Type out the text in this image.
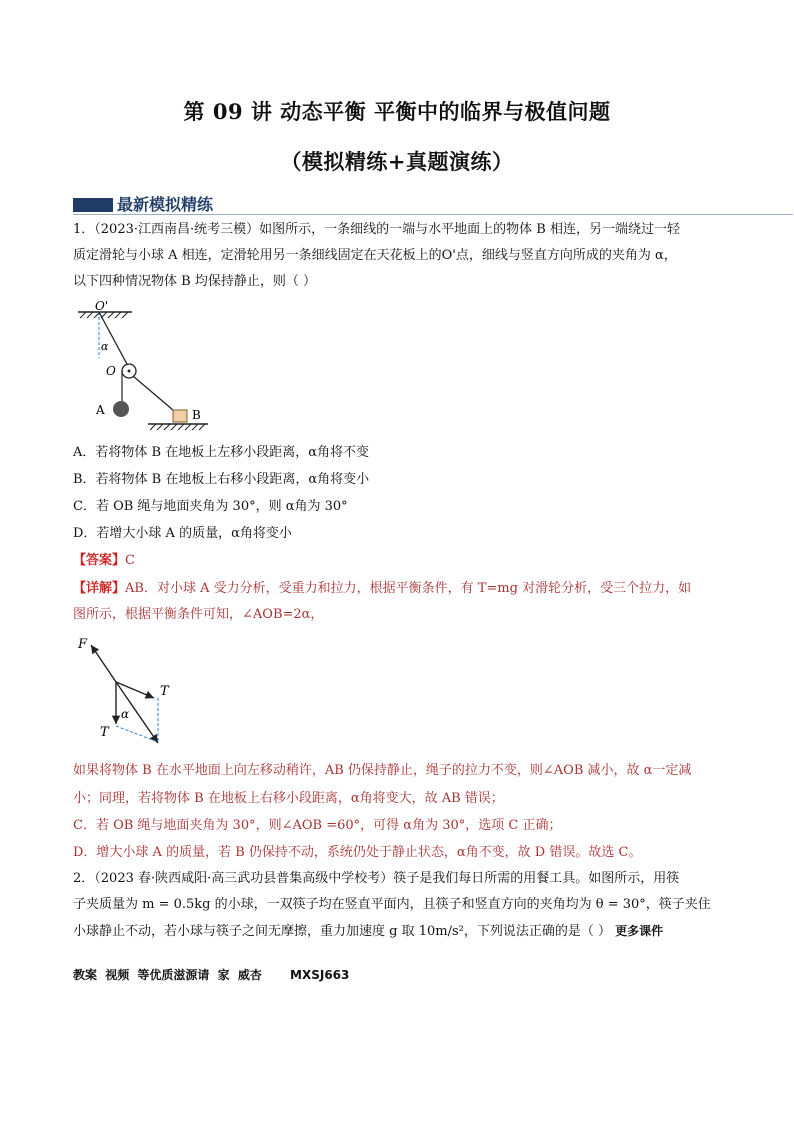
第 09 讲 动态平衡 平衡中的临界与极值问题
（模拟精练+真题演练）
最新模拟精练
1．（2023·江西南昌·统考三模）如图所示，一条细线的一端与水平地面上的物体 B 相连，另一端绕过一轻
质定滑轮与小球 A 相连，定滑轮用另一条细线固定在天花板上的O'点，细线与竖直方向所成的夹角为 α，
以下四种情况物体 B 均保持静止，则（ ）
O'
α
O
A	B
A．若将物体 B 在地板上左移小段距离，α角将不变
B．若将物体 B 在地板上右移小段距离，α角将变小
C．若 OB 绳与地面夹角为 30°，则 α角为 30°
D．若增大小球 A 的质量，α角将变小
【答案】C
【详解】AB．对小球 A 受力分析，受重力和拉力，根据平衡条件，有 T=mg 对滑轮分析，受三个拉力，如
图所示，根据平衡条件可知，∠AOB=2α，
F
T
T
α
如果将物体 B 在水平地面上向左移动稍许，AB 仍保持静止，绳子的拉力不变，则∠AOB 减小，故 α一定减
小；同理，若将物体 B 在地板上右移小段距离，α角将变大，故 AB 错误；
C．若 OB 绳与地面夹角为 30°，则∠AOB =60°，可得 α角为 30°，选项 C 正确；
D．增大小球 A 的质量，若 B 仍保持不动，系统仍处于静止状态，α角不变，故 D 错误。故选 C。
2．（2023 春·陕西咸阳·高三武功县普集高级中学校考）筷子是我们每日所需的用餐工具。如图所示，用筷
子夹质量为 m = 0.5kg 的小球，一双筷子均在竖直平面内，且筷子和竖直方向的夹角均为 θ = 30°，筷子夹住
小球静止不动，若小球与筷子之间无摩擦，重力加速度 g 取 10m/s²，下列说法正确的是（ ） 更多课件
教案 视频 等优质滋源请 家 威杏 MXSJ663
